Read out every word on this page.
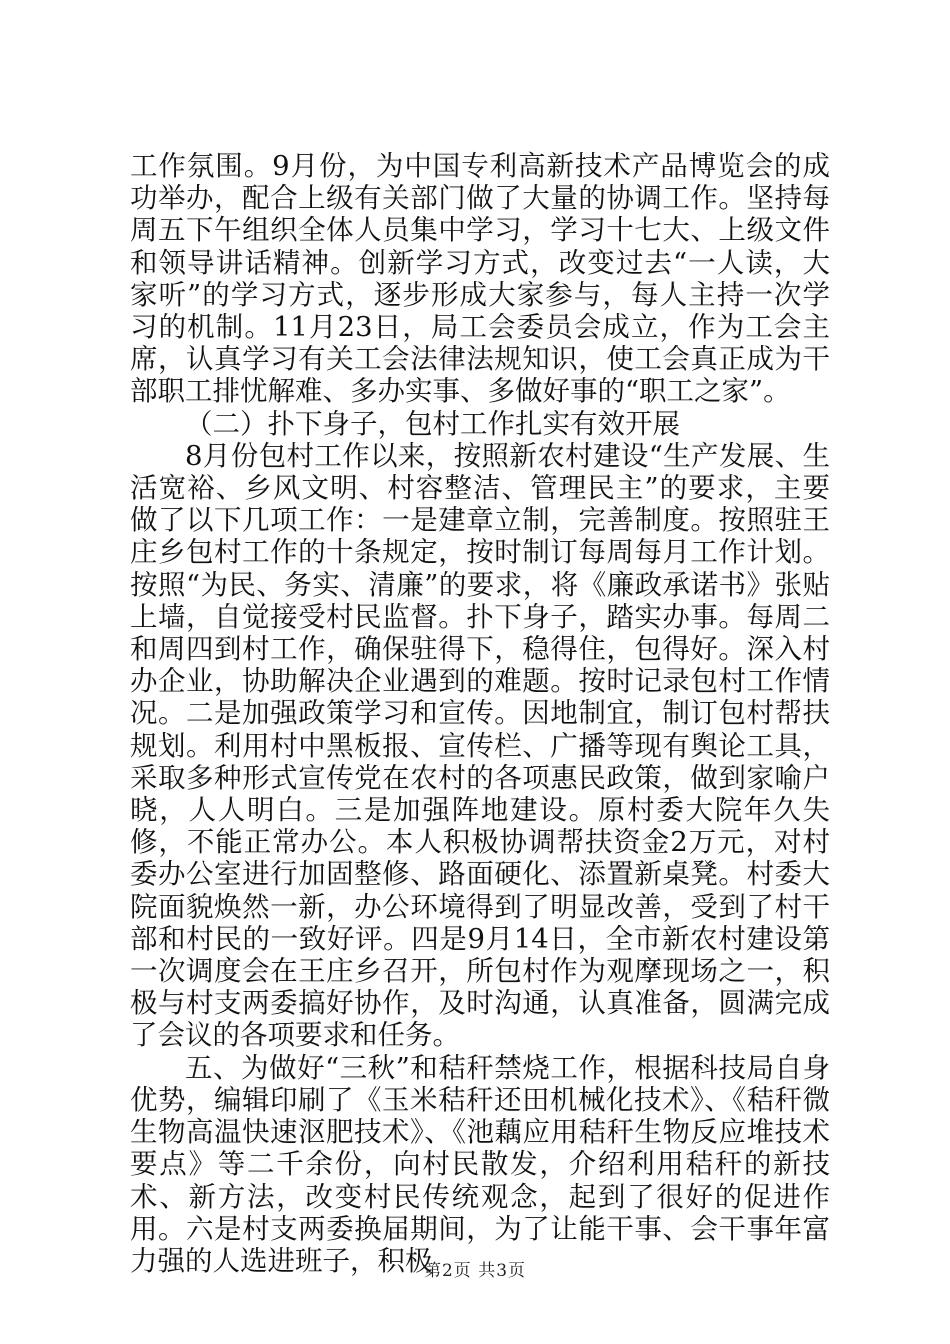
工作氛围。9月份，为中国专利高新技术产品博览会的成功举办，配合上级有关部门做了大量的协调工作。坚持每周五下午组织全体人员集中学习，学习十七大、上级文件和领导讲话精神。创新学习方式，改变过去“一人读，大家听”的学习方式，逐步形成大家参与，每人主持一次学习的机制。11月23日，局工会委员会成立，作为工会主席，认真学习有关工会法律法规知识，使工会真正成为干部职工排忧解难、多办实事、多做好事的“职工之家”。

（二）扑下身子，包村工作扎实有效开展

8月份包村工作以来，按照新农村建设“生产发展、生活宽裕、乡风文明、村容整洁、管理民主”的要求，主要做了以下几项工作：一是建章立制，完善制度。按照驻王庄乡包村工作的十条规定，按时制订每周每月工作计划。按照“为民、务实、清廉”的要求，将《廉政承诺书》张贴上墙，自觉接受村民监督。扑下身子，踏实办事。每周二和周四到村工作，确保驻得下，稳得住，包得好。深入村办企业，协助解决企业遇到的难题。按时记录包村工作情况。二是加强政策学习和宣传。因地制宜，制订包村帮扶规划。利用村中黑板报、宣传栏、广播等现有舆论工具，采取多种形式宣传党在农村的各项惠民政策，做到家喻户晓，人人明白。三是加强阵地建设。原村委大院年久失修，不能正常办公。本人积极协调帮扶资金2万元，对村委办公室进行加固整修、路面硬化、添置新桌凳。村委大院面貌焕然一新，办公环境得到了明显改善，受到了村干部和村民的一致好评。四是9月14日，全市新农村建设第一次调度会在王庄乡召开，所包村作为观摩现场之一，积极与村支两委搞好协作，及时沟通，认真准备，圆满完成了会议的各项要求和任务。

五、为做好“三秋”和秸秆禁烧工作，根据科技局自身优势，编辑印刷了《玉米秸秆还田机械化技术》、《秸秆微生物高温快速沤肥技术》、《池藕应用秸秆生物反应堆技术要点》等二千余份，向村民散发，介绍利用秸秆的新技术、新方法，改变村民传统观念，起到了很好的促进作用。六是村支两委换届期间，为了让能干事、会干事年富力强的人选进班子，积极

第2页 共3页
